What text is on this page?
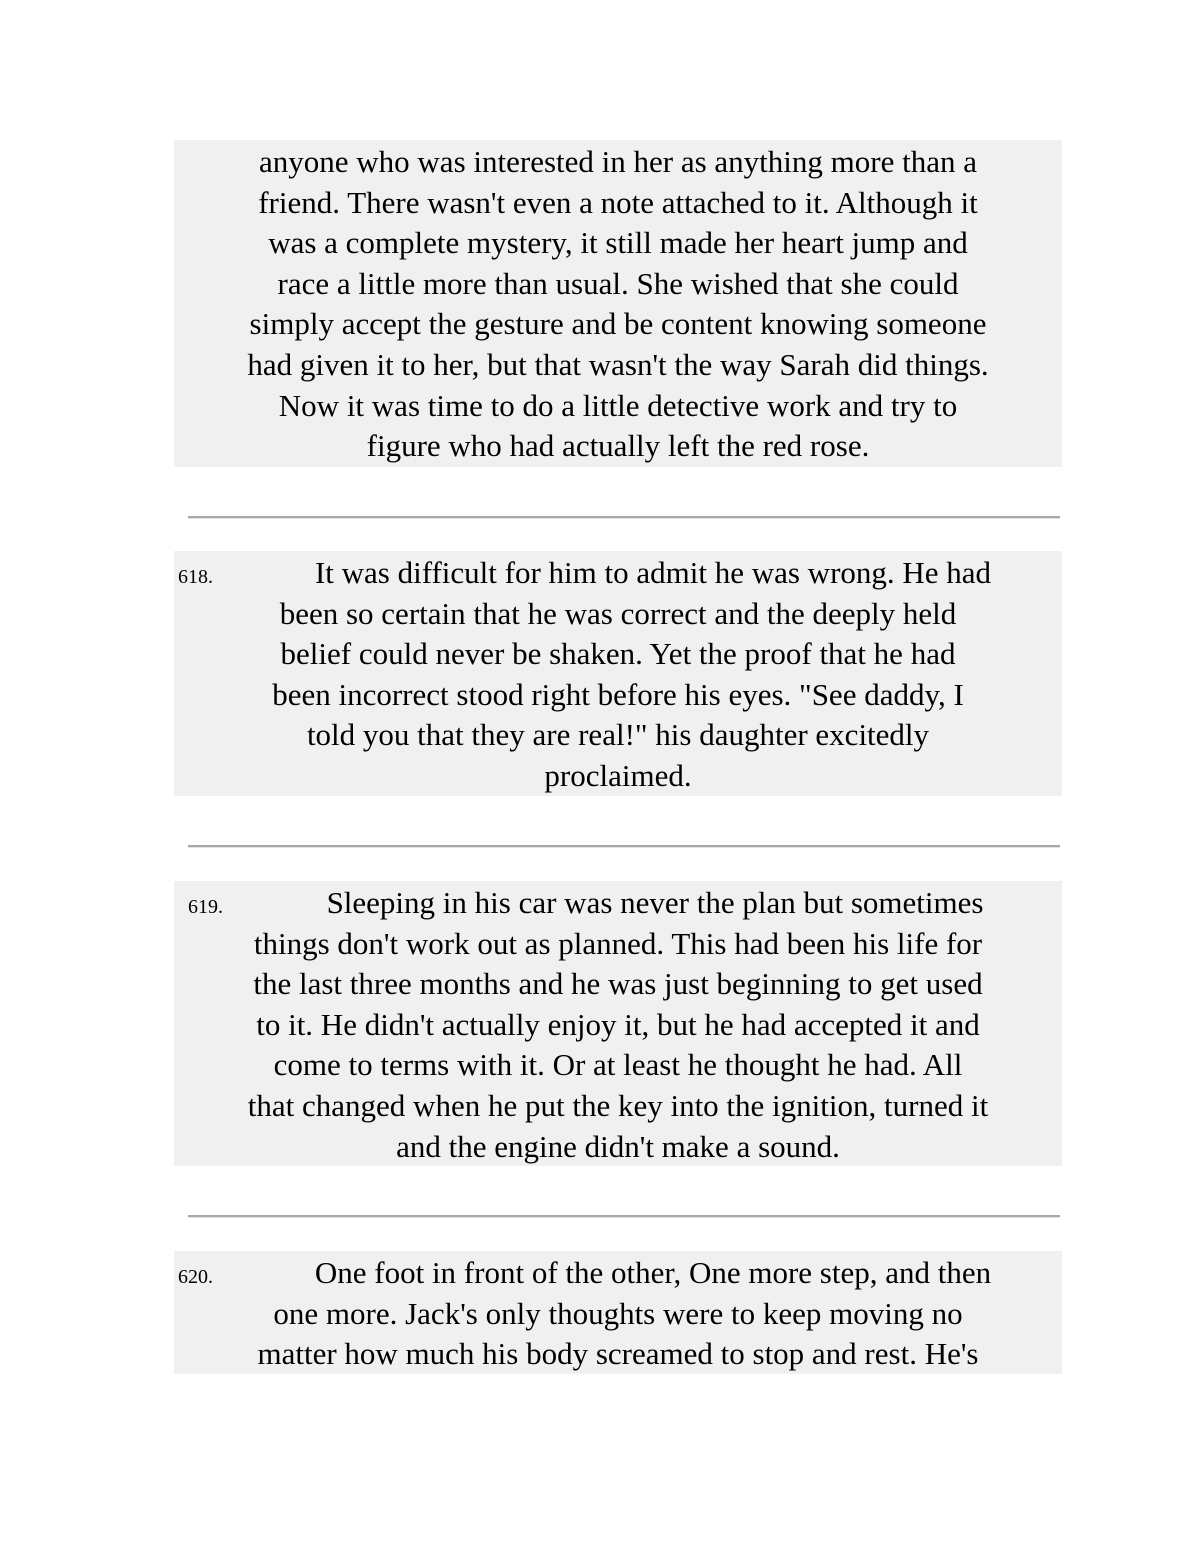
anyone who was interested in her as anything more than a

friend. There wasn't even a note attached to it. Although it

was a complete mystery, it still made her heart jump and

race a little more than usual. She wished that she could

simply accept the gesture and be content knowing someone

had given it to her, but that wasn't the way Sarah did things.

Now it was time to do a little detective work and try to

figure who had actually left the red rose.

618.	It was difficult for him to admit he was wrong. He had

been so certain that he was correct and the deeply held

belief could never be shaken. Yet the proof that he had

been incorrect stood right before his eyes. "See daddy, I

told you that they are real!" his daughter excitedly

proclaimed.

619.	Sleeping in his car was never the plan but sometimes

things don't work out as planned. This had been his life for

the last three months and he was just beginning to get used

to it. He didn't actually enjoy it, but he had accepted it and

come to terms with it. Or at least he thought he had. All

that changed when he put the key into the ignition, turned it

and the engine didn't make a sound.

620.	One foot in front of the other, One more step, and then

one more. Jack's only thoughts were to keep moving no

matter how much his body screamed to stop and rest. He's
